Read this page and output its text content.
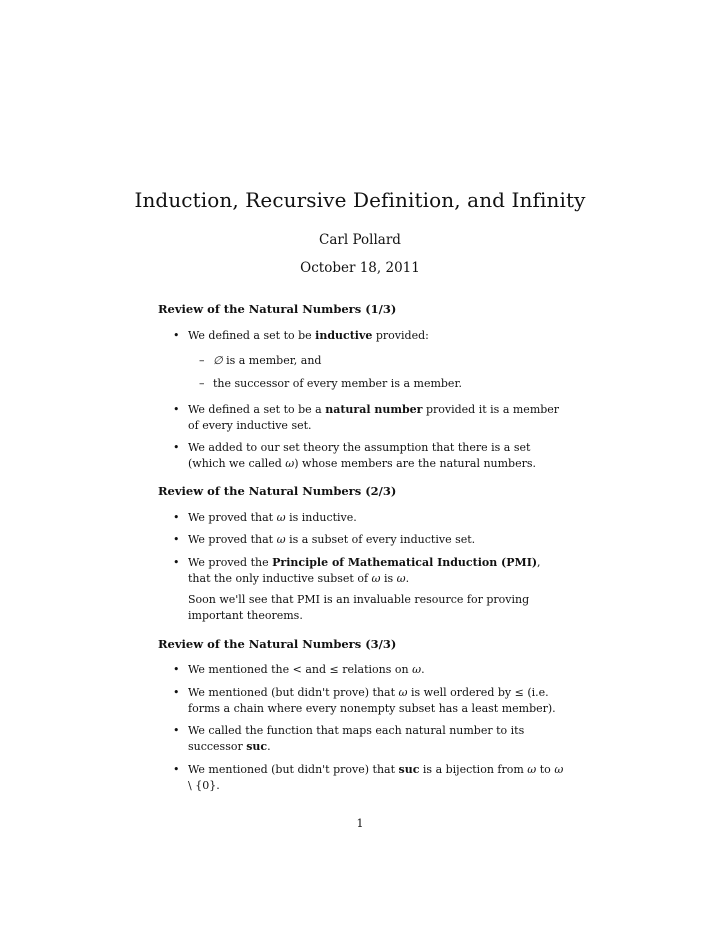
Induction, Recursive Definition, and Infinity
Carl Pollard
October 18, 2011
Review of the Natural Numbers (1/3)
• We defined a set to be inductive provided:
– ∅ is a member, and
– the successor of every member is a member.
• We defined a set to be a natural number provided it is a member of every inductive set.
• We added to our set theory the assumption that there is a set (which we called ω) whose members are the natural numbers.
Review of the Natural Numbers (2/3)
• We proved that ω is inductive.
• We proved that ω is a subset of every inductive set.
• We proved the Principle of Mathematical Induction (PMI), that the only inductive subset of ω is ω.
Soon we'll see that PMI is an invaluable resource for proving important theorems.
Review of the Natural Numbers (3/3)
• We mentioned the < and ≤ relations on ω.
• We mentioned (but didn't prove) that ω is well ordered by ≤ (i.e. forms a chain where every nonempty subset has a least member).
• We called the function that maps each natural number to its successor suc.
• We mentioned (but didn't prove) that suc is a bijection from ω to ω \ {0}.
1
